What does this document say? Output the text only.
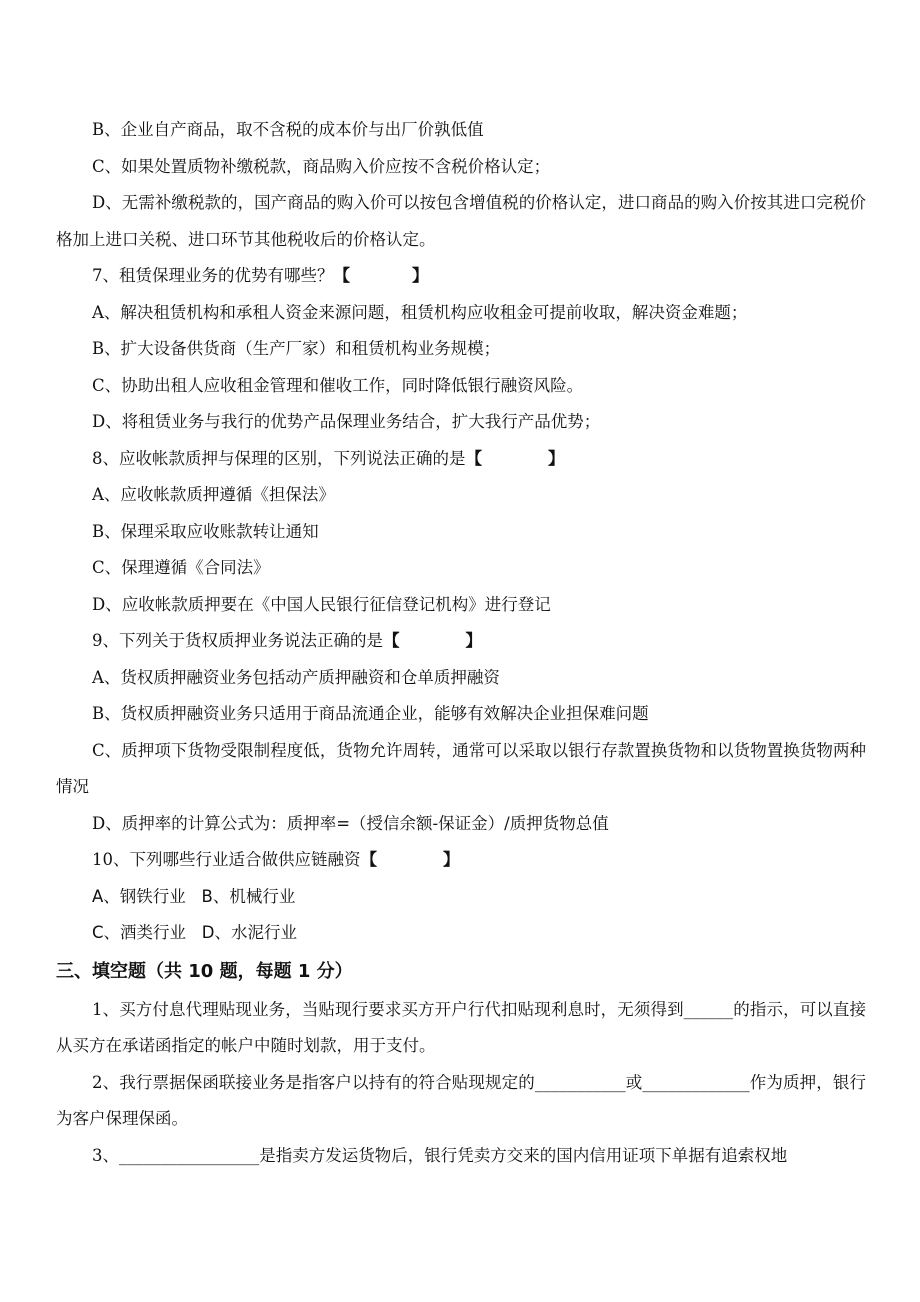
B、企业自产商品，取不含税的成本价与出厂价孰低值
C、如果处置质物补缴税款，商品购入价应按不含税价格认定；
D、无需补缴税款的，国产商品的购入价可以按包含增值税的价格认定，进口商品的购入价按其进口完税价格加上进口关税、进口环节其他税收后的价格认定。
7、租赁保理业务的优势有哪些？【	】
A、解决租赁机构和承租人资金来源问题，租赁机构应收租金可提前收取，解决资金难题；
B、扩大设备供货商（生产厂家）和租赁机构业务规模；
C、协助出租人应收租金管理和催收工作，同时降低银行融资风险。
D、将租赁业务与我行的优势产品保理业务结合，扩大我行产品优势；
8、应收帐款质押与保理的区别，下列说法正确的是【	】
A、应收帐款质押遵循《担保法》
B、保理采取应收账款转让通知
C、保理遵循《合同法》
D、应收帐款质押要在《中国人民银行征信登记机构》进行登记
9、下列关于货权质押业务说法正确的是【	】
A、货权质押融资业务包括动产质押融资和仓单质押融资
B、货权质押融资业务只适用于商品流通企业，能够有效解决企业担保难问题
C、质押项下货物受限制程度低，货物允许周转，通常可以采取以银行存款置换货物和以货物置换货物两种情况
D、质押率的计算公式为：质押率=（授信余额-保证金）/质押货物总值
10、下列哪些行业适合做供应链融资【	】
A、钢铁行业   B、机械行业
C、酒类行业   D、水泥行业
三、填空题（共 10 题，每题 1 分）
1、买方付息代理贴现业务，当贴现行要求买方开户行代扣贴现利息时，无须得到______的指示，可以直接从买方在承诺函指定的帐户中随时划款，用于支付。
2、我行票据保函联接业务是指客户以持有的符合贴现规定的___________或_____________作为质押，银行为客户保理保函。
3、_________________是指卖方发运货物后，银行凭卖方交来的国内信用证项下单据有追索权地
